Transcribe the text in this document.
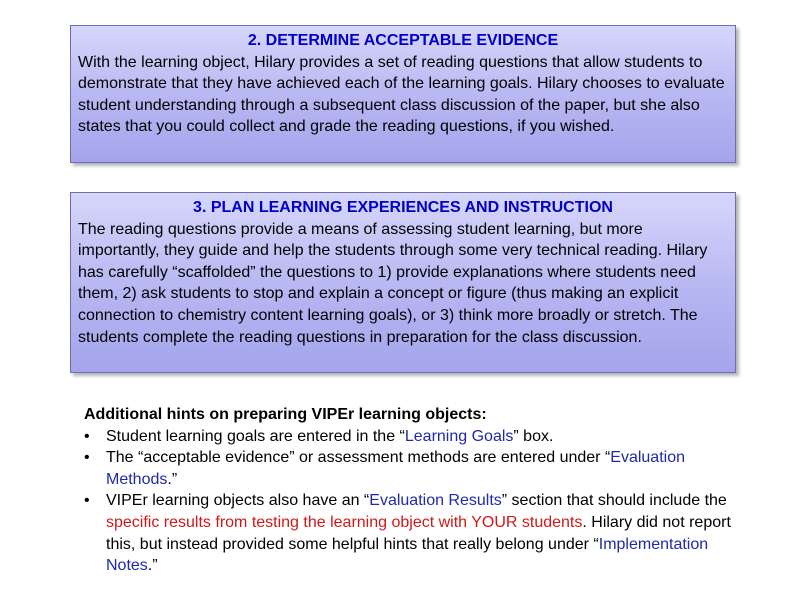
2. DETERMINE ACCEPTABLE EVIDENCE

With the learning object, Hilary provides a set of reading questions that allow students to demonstrate that they have achieved each of the learning goals. Hilary chooses to evaluate student understanding through a subsequent class discussion of the paper, but she also states that you could collect and grade the reading questions, if you wished.

3. PLAN LEARNING EXPERIENCES AND INSTRUCTION

The reading questions provide a means of assessing student learning, but more importantly, they guide and help the students through some very technical reading. Hilary has carefully “scaffolded” the questions to 1) provide explanations where students need them, 2) ask students to stop and explain a concept or figure (thus making an explicit connection to chemistry content learning goals), or 3) think more broadly or stretch. The students complete the reading questions in preparation for the class discussion.

Additional hints on preparing VIPEr learning objects:
• Student learning goals are entered in the “Learning Goals” box.
• The “acceptable evidence” or assessment methods are entered under “Evaluation Methods.”
• VIPEr learning objects also have an “Evaluation Results” section that should include the specific results from testing the learning object with YOUR students. Hilary did not report this, but instead provided some helpful hints that really belong under “Implementation Notes.”
